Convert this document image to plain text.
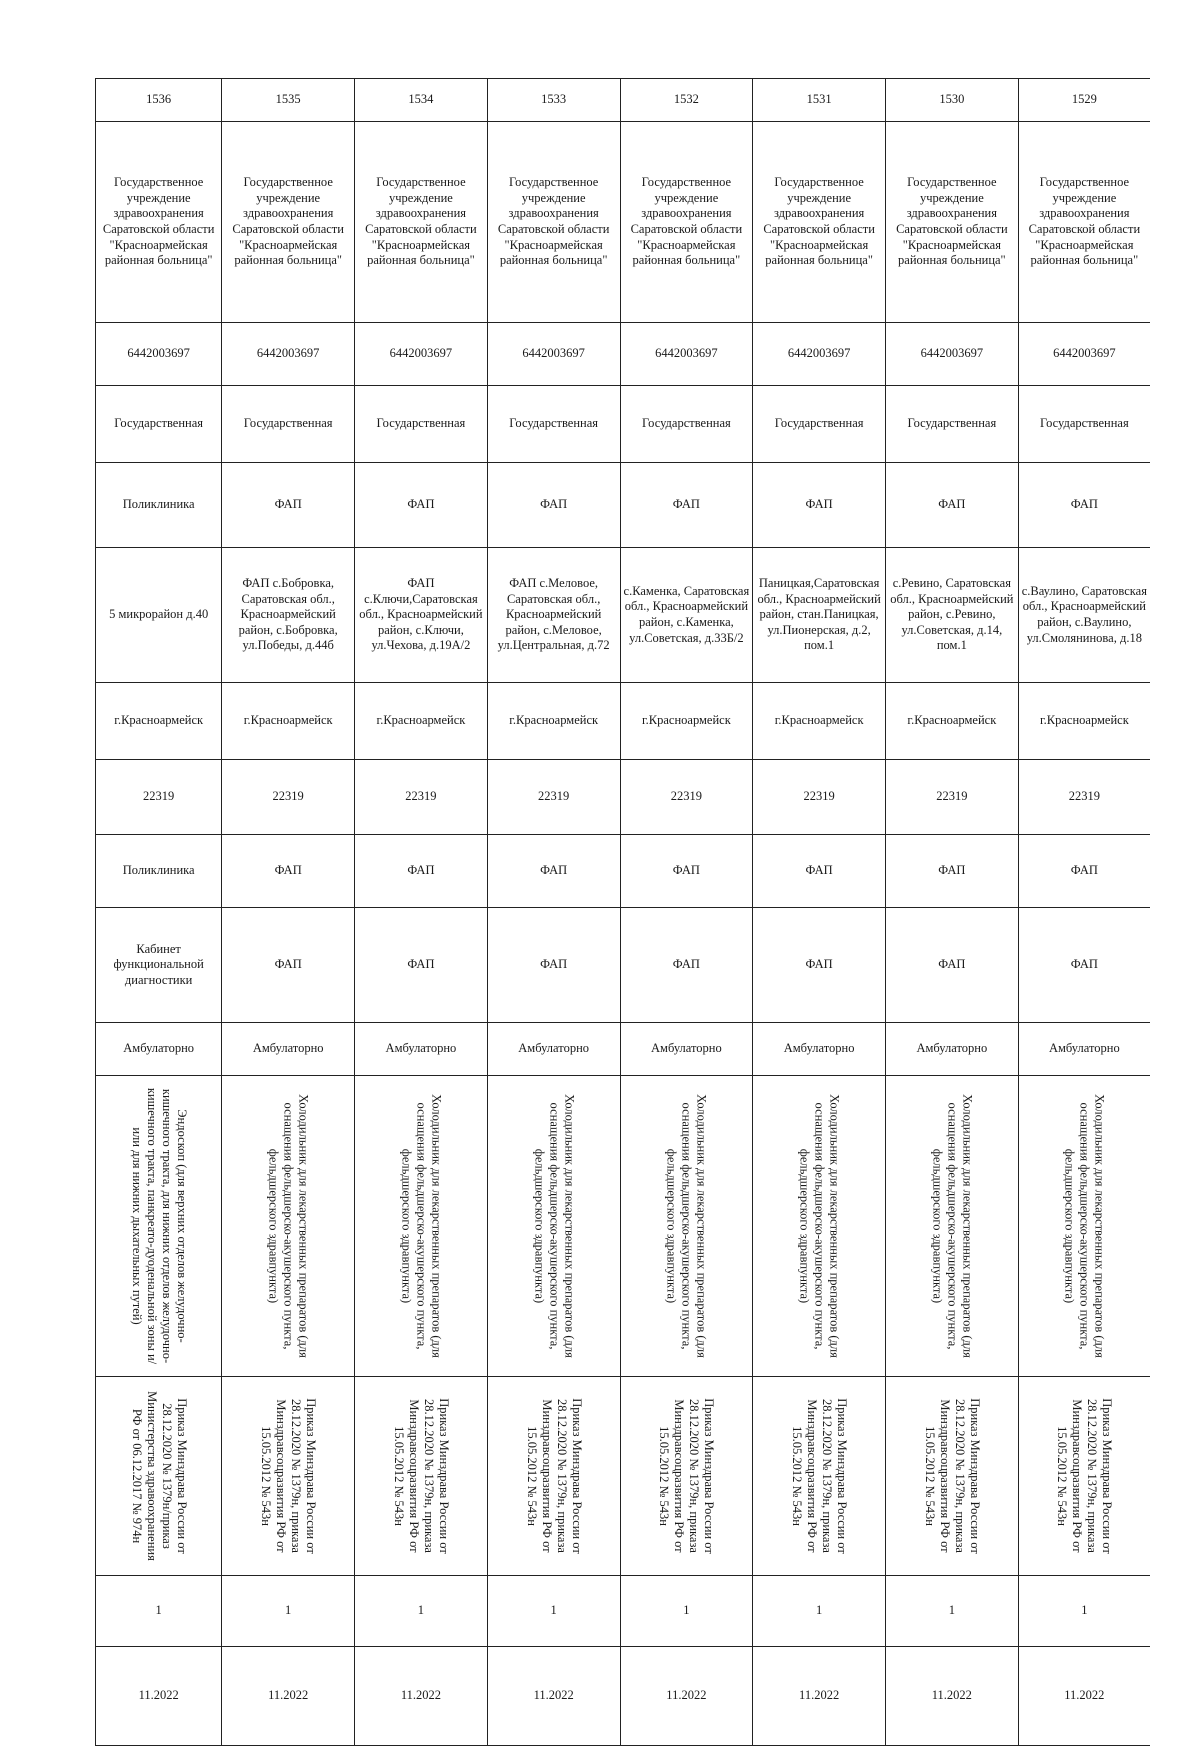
1536	1535	1534	1533	1532	1531	1530	1529
Государственное учреждение здравоохранения Саратовской области "Красноармейская районная больница"	Государственное учреждение здравоохранения Саратовской области "Красноармейская районная больница"	Государственное учреждение здравоохранения Саратовской области "Красноармейская районная больница"	Государственное учреждение здравоохранения Саратовской области "Красноармейская районная больница"	Государственное учреждение здравоохранения Саратовской области "Красноармейская районная больница"	Государственное учреждение здравоохранения Саратовской области "Красноармейская районная больница"	Государственное учреждение здравоохранения Саратовской области "Красноармейская районная больница"	Государственное учреждение здравоохранения Саратовской области "Красноармейская районная больница"
6442003697	6442003697	6442003697	6442003697	6442003697	6442003697	6442003697	6442003697
Государственная	Государственная	Государственная	Государственная	Государственная	Государственная	Государственная	Государственная
Поликлиника	ФАП	ФАП	ФАП	ФАП	ФАП	ФАП	ФАП
5 микрорайон д.40	ФАП с.Бобровка, Саратовская обл., Красноармейский район, с.Бобровка, ул.Победы, д.44б	ФАП с.Ключи,Саратовская обл., Красноармейский район, с.Ключи, ул.Чехова, д.19А/2	ФАП с.Меловое, Саратовская обл., Красноармейский район, с.Меловое, ул.Центральная, д.72	с.Каменка, Саратовская обл., Красноармейский район, с.Каменка, ул.Советская, д.33Б/2	Паницкая,Саратовская обл., Красноармейский район, стан.Паницкая, ул.Пионерская, д.2, пом.1	с.Ревино, Саратовская обл., Красноармейский район, с.Ревино, ул.Советская, д.14, пом.1	с.Ваулино, Саратовская обл., Красноармейский район, с.Ваулино, ул.Смолянинова, д.18
г.Красноармейск	г.Красноармейск	г.Красноармейск	г.Красноармейск	г.Красноармейск	г.Красноармейск	г.Красноармейск	г.Красноармейск
22319	22319	22319	22319	22319	22319	22319	22319
Поликлиника	ФАП	ФАП	ФАП	ФАП	ФАП	ФАП	ФАП
Кабинет функциональной диагностики	ФАП	ФАП	ФАП	ФАП	ФАП	ФАП	ФАП
Амбулаторно	Амбулаторно	Амбулаторно	Амбулаторно	Амбулаторно	Амбулаторно	Амбулаторно	Амбулаторно

Эндоскоп (для верхних отделов желудочно-кишечного тракта, для нижних отделов желудочно-кишечного тракта, панкреато-дуоденальной зоны и/или для нижних дыхательных путей)	Холодильник для лекарственных препаратов (для оснащения фельдшерско-акушерского пункта, фельдшерского здравпункта)	Холодильник для лекарственных препаратов (для оснащения фельдшерско-акушерского пункта, фельдшерского здравпункта)	Холодильник для лекарственных препаратов (для оснащения фельдшерско-акушерского пункта, фельдшерского здравпункта)	Холодильник для лекарственных препаратов (для оснащения фельдшерско-акушерского пункта, фельдшерского здравпункта)	Холодильник для лекарственных препаратов (для оснащения фельдшерско-акушерского пункта, фельдшерского здравпункта)	Холодильник для лекарственных препаратов (для оснащения фельдшерско-акушерского пункта, фельдшерского здравпункта)	Холодильник для лекарственных препаратов (для оснащения фельдшерско-акушерского пункта, фельдшерского здравпункта)

Приказ Минздрава России от 28.12.2020 № 1379н/приказ Министерства здравоохранения РФ от 06.12.2017 № 974н	Приказ Минздрава России от 28.12.2020 № 1379н, приказа Минздравсоцразвития РФ от 15.05.2012 № 543н	Приказ Минздрава России от 28.12.2020 № 1379н, приказа Минздравсоцразвития РФ от 15.05.2012 № 543н	Приказ Минздрава России от 28.12.2020 № 1379н, приказа Минздравсоцразвития РФ от 15.05.2012 № 543н	Приказ Минздрава России от 28.12.2020 № 1379н, приказа Минздравсоцразвития РФ от 15.05.2012 № 543н	Приказ Минздрава России от 28.12.2020 № 1379н, приказа Минздравсоцразвития РФ от 15.05.2012 № 543н	Приказ Минздрава России от 28.12.2020 № 1379н, приказа Минздравсоцразвития РФ от 15.05.2012 № 543н	Приказ Минздрава России от 28.12.2020 № 1379н, приказа Минздравсоцразвития РФ от 15.05.2012 № 543н

1	1	1	1	1	1	1	1
11.2022	11.2022	11.2022	11.2022	11.2022	11.2022	11.2022	11.2022
